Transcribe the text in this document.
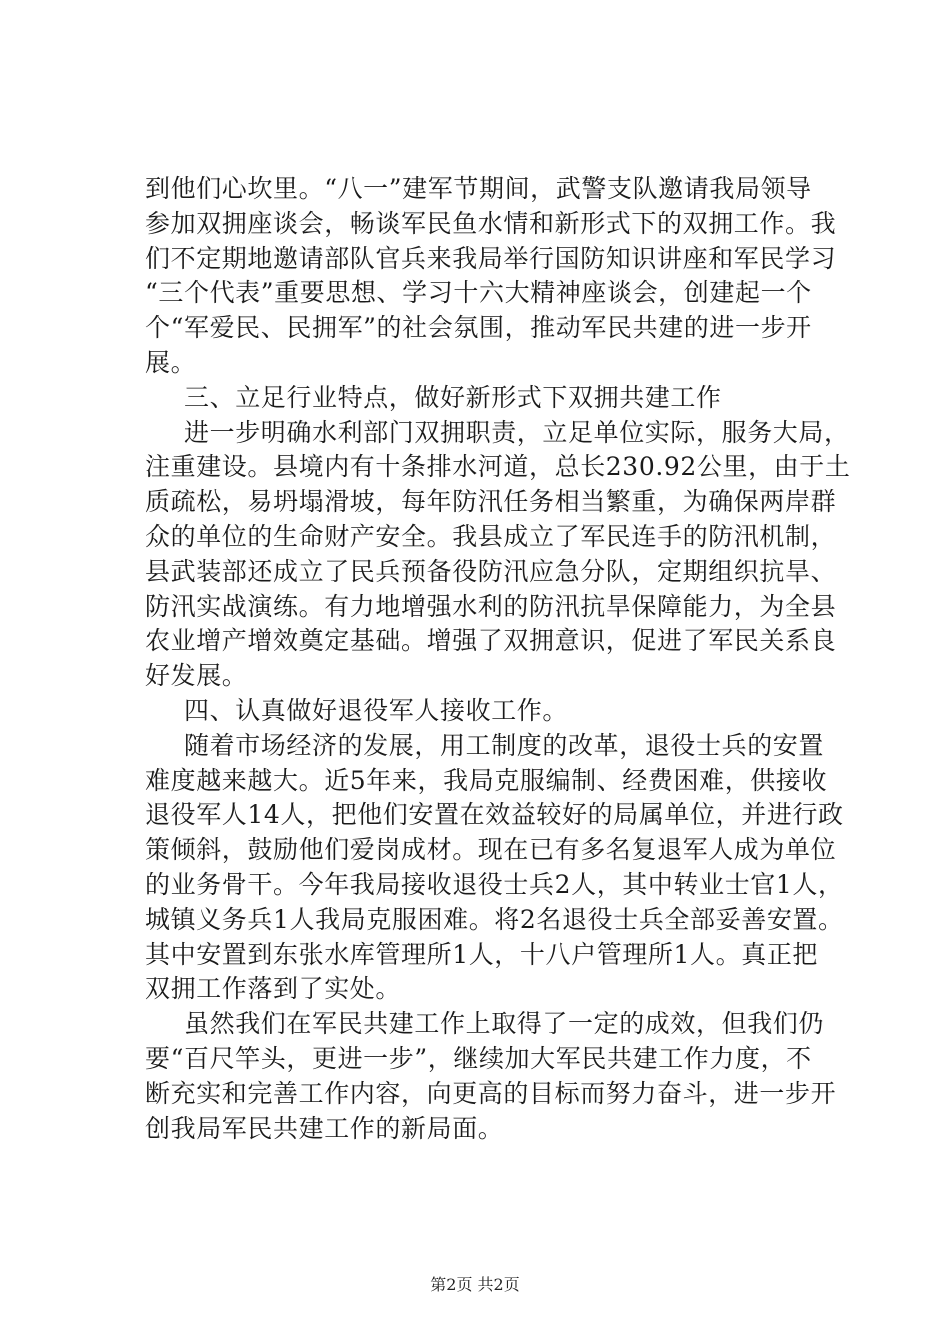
到他们心坎里。“八一”建军节期间，武警支队邀请我局领导
参加双拥座谈会，畅谈军民鱼水情和新形式下的双拥工作。我
们不定期地邀请部队官兵来我局举行国防知识讲座和军民学习
“三个代表”重要思想、学习十六大精神座谈会，创建起一个
个“军爱民、民拥军”的社会氛围，推动军民共建的进一步开
展。
三、立足行业特点，做好新形式下双拥共建工作
进一步明确水利部门双拥职责，立足单位实际，服务大局，
注重建设。县境内有十条排水河道，总长230.92公里，由于土
质疏松，易坍塌滑坡，每年防汛任务相当繁重，为确保两岸群
众的单位的生命财产安全。我县成立了军民连手的防汛机制，
县武装部还成立了民兵预备役防汛应急分队，定期组织抗旱、
防汛实战演练。有力地增强水利的防汛抗旱保障能力，为全县
农业增产增效奠定基础。增强了双拥意识，促进了军民关系良
好发展。
四、认真做好退役军人接收工作。
随着市场经济的发展，用工制度的改革，退役士兵的安置
难度越来越大。近5年来，我局克服编制、经费困难，供接收
退役军人14人，把他们安置在效益较好的局属单位，并进行政
策倾斜，鼓励他们爱岗成材。现在已有多名复退军人成为单位
的业务骨干。今年我局接收退役士兵2人，其中转业士官1人，
城镇义务兵1人我局克服困难。将2名退役士兵全部妥善安置。
其中安置到东张水库管理所1人，十八户管理所1人。真正把
双拥工作落到了实处。
虽然我们在军民共建工作上取得了一定的成效，但我们仍
要“百尺竿头，更进一步”，继续加大军民共建工作力度，不
断充实和完善工作内容，向更高的目标而努力奋斗，进一步开
创我局军民共建工作的新局面。
第2页 共2页
